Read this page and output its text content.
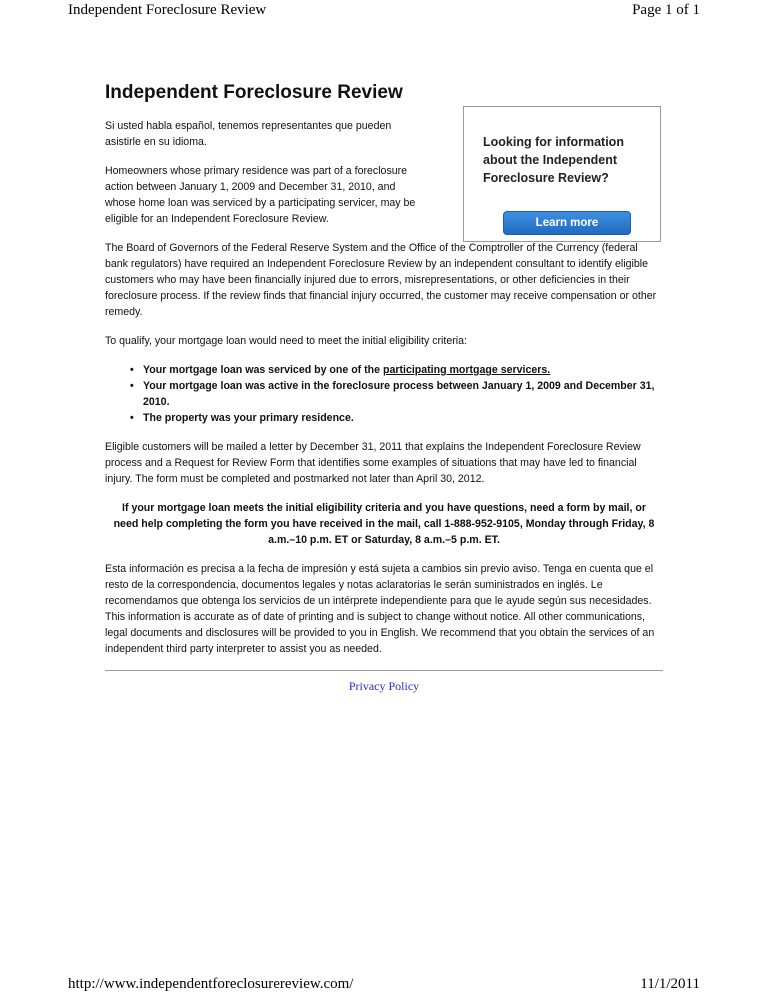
Independent Foreclosure Review	Page 1 of 1
Looking for information about the Independent Foreclosure Review?
Learn more
Independent Foreclosure Review

Si usted habla español, tenemos representantes que pueden asistirle en su idioma.

Homeowners whose primary residence was part of a foreclosure action between January 1, 2009 and December 31, 2010, and whose home loan was serviced by a participating servicer, may be eligible for an Independent Foreclosure Review.

The Board of Governors of the Federal Reserve System and the Office of the Comptroller of the Currency (federal bank regulators) have required an Independent Foreclosure Review by an independent consultant to identify eligible customers who may have been financially injured due to errors, misrepresentations, or other deficiencies in their foreclosure process. If the review finds that financial injury occurred, the customer may receive compensation or other remedy.

To qualify, your mortgage loan would need to meet the initial eligibility criteria:

• Your mortgage loan was serviced by one of the participating mortgage servicers.
• Your mortgage loan was active in the foreclosure process between January 1, 2009 and December 31, 2010.
• The property was your primary residence.

Eligible customers will be mailed a letter by December 31, 2011 that explains the Independent Foreclosure Review process and a Request for Review Form that identifies some examples of situations that may have led to financial injury. The form must be completed and postmarked not later than April 30, 2012.

If your mortgage loan meets the initial eligibility criteria and you have questions, need a form by mail, or need help completing the form you have received in the mail, call 1-888-952-9105, Monday through Friday, 8 a.m.–10 p.m. ET or Saturday, 8 a.m.–5 p.m. ET.

Esta información es precisa a la fecha de impresión y está sujeta a cambios sin previo aviso. Tenga en cuenta que el resto de la correspondencia, documentos legales y notas aclaratorias le serán suministrados en inglés. Le recomendamos que obtenga los servicios de un intérprete independiente para que le ayude según sus necesidades. This information is accurate as of date of printing and is subject to change without notice. All other communications, legal documents and disclosures will be provided to you in English. We recommend that you obtain the services of an independent third party interpreter to assist you as needed.

Privacy Policy
http://www.independentforeclosurereview.com/	11/1/2011
